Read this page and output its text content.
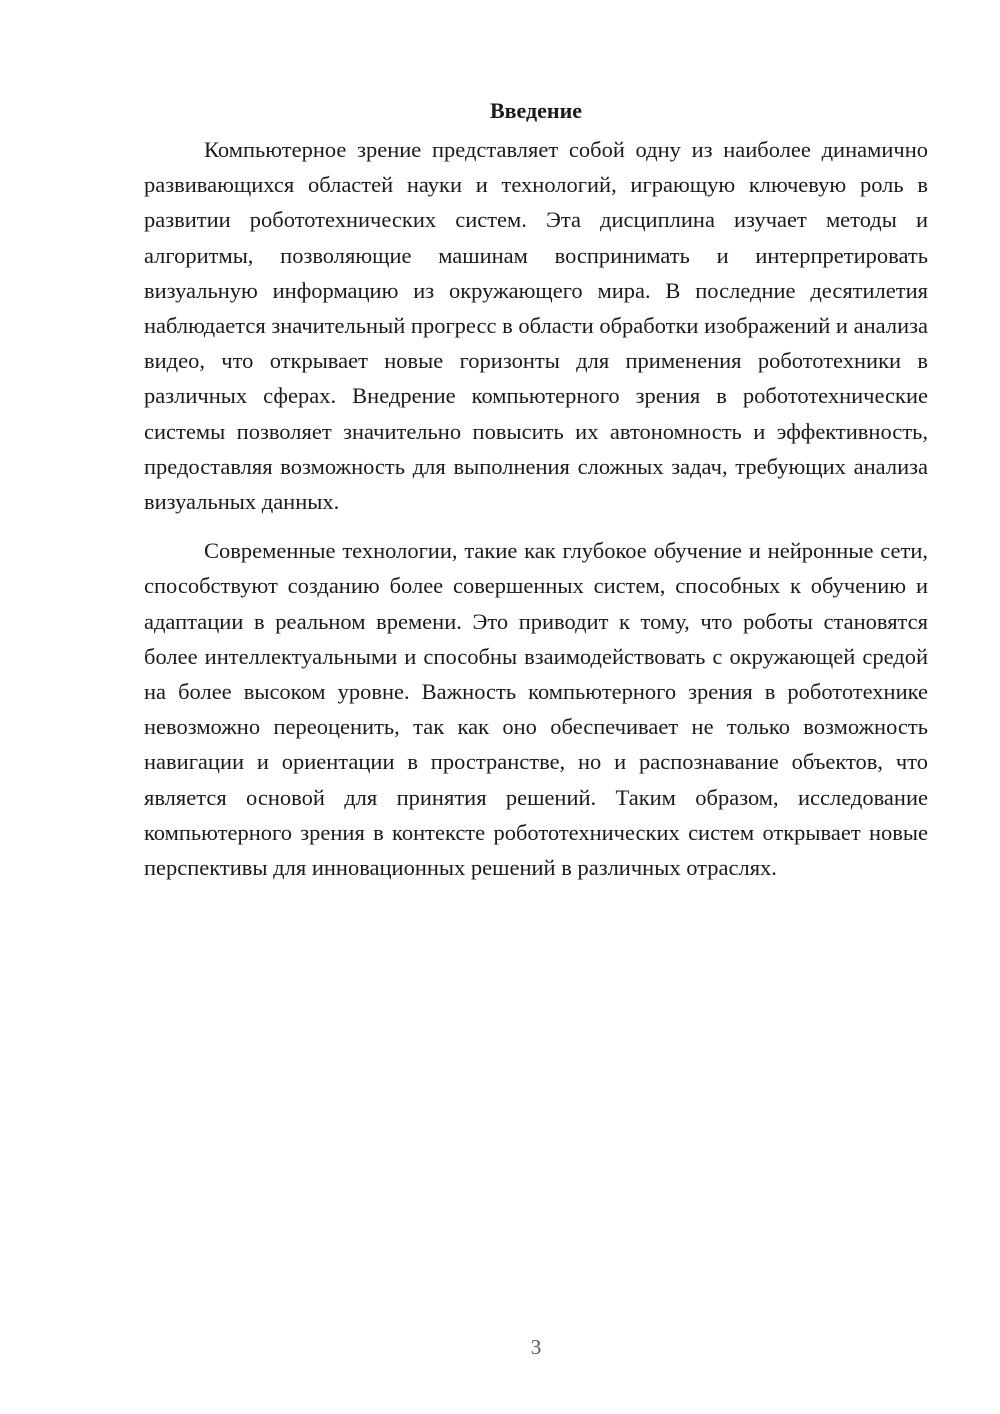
Введение

Компьютерное зрение представляет собой одну из наиболее динамично развивающихся областей науки и технологий, играющую ключевую роль в развитии робототехнических систем. Эта дисциплина изучает методы и алгоритмы, позволяющие машинам воспринимать и интерпретировать визуальную информацию из окружающего мира. В последние десятилетия наблюдается значительный прогресс в области обработки изображений и анализа видео, что открывает новые горизонты для применения робототехники в различных сферах. Внедрение компьютерного зрения в робототехнические системы позволяет значительно повысить их автономность и эффективность, предоставляя возможность для выполнения сложных задач, требующих анализа визуальных данных.

Современные технологии, такие как глубокое обучение и нейронные сети, способствуют созданию более совершенных систем, способных к обучению и адаптации в реальном времени. Это приводит к тому, что роботы становятся более интеллектуальными и способны взаимодействовать с окружающей средой на более высоком уровне. Важность компьютерного зрения в робототехнике невозможно переоценить, так как оно обеспечивает не только возможность навигации и ориентации в пространстве, но и распознавание объектов, что является основой для принятия решений. Таким образом, исследование компьютерного зрения в контексте робототехнических систем открывает новые перспективы для инновационных решений в различных отраслях.

3
